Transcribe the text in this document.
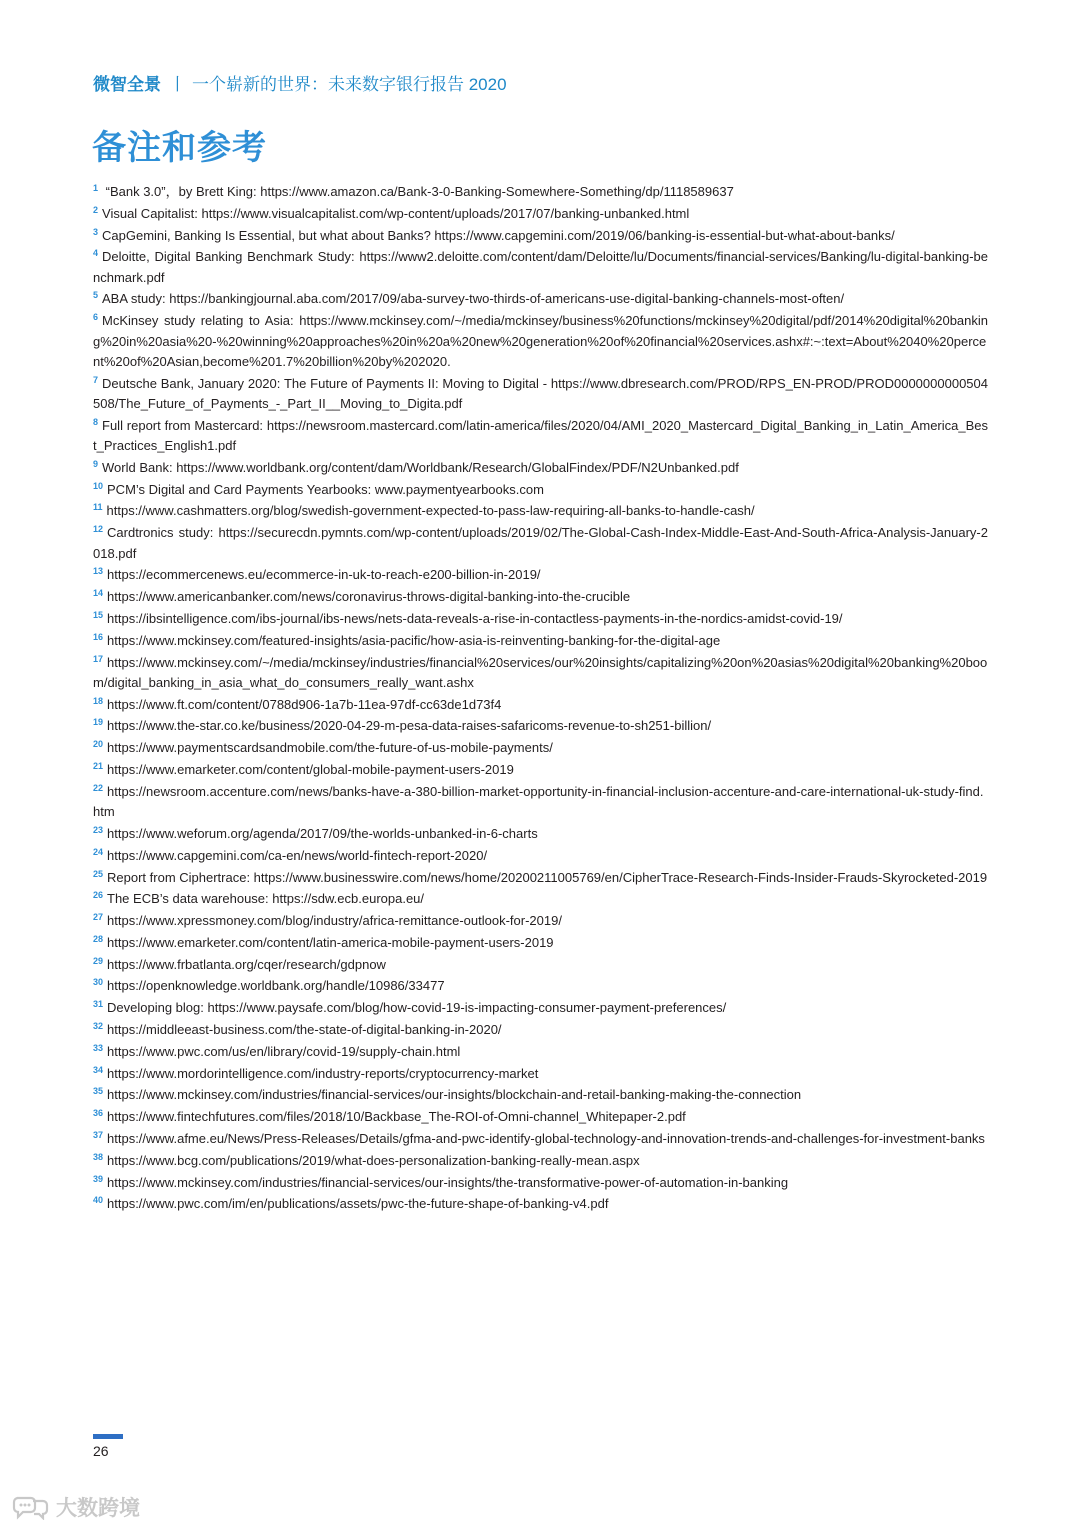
微智全景 丨 一个崭新的世界：未来数字银行报告 2020
备注和参考
$^1$ “Bank 3.0”，by Brett King: https://www.amazon.ca/Bank-3-0-Banking-Somewhere-Something/dp/1118589637
$^2$ Visual Capitalist: https://www.visualcapitalist.com/wp-content/uploads/2017/07/banking-unbanked.html
$^3$ CapGemini, Banking Is Essential, but what about Banks? https://www.capgemini.com/2019/06/banking-is-essential-but-what-about-banks/
$^4$ Deloitte, Digital Banking Benchmark Study: https://www2.deloitte.com/content/dam/Deloitte/lu/Documents/financial-services/Banking/lu-digital-banking-benchmark.pdf
$^5$ ABA study: https://bankingjournal.aba.com/2017/09/aba-survey-two-thirds-of-americans-use-digital-banking-channels-most-often/
$^6$ McKinsey study relating to Asia: https://www.mckinsey.com/~/media/mckinsey/business%20functions/mckinsey%20digital/pdf/2014%20digital%20banking%20in%20asia%20-%20winning%20approaches%20in%20a%20new%20generation%20of%20financial%20services.ashx#:~:text=About%2040%20percent%20of%20Asian,become%201.7%20billion%20by%202020.
$^7$ Deutsche Bank, January 2020: The Future of Payments II: Moving to Digital - https://www.dbresearch.com/PROD/RPS_EN-PROD/PROD0000000000504508/The_Future_of_Payments_-_Part_II__Moving_to_Digita.pdf
$^8$ Full report from Mastercard: https://newsroom.mastercard.com/latin-america/files/2020/04/AMI_2020_Mastercard_Digital_Banking_in_Latin_America_Best_Practices_English1.pdf
$^9$ World Bank: https://www.worldbank.org/content/dam/Worldbank/Research/GlobalFindex/PDF/N2Unbanked.pdf
$^{10}$ PCM’s Digital and Card Payments Yearbooks: www.paymentyearbooks.com
$^{11}$ https://www.cashmatters.org/blog/swedish-government-expected-to-pass-law-requiring-all-banks-to-handle-cash/
$^{12}$ Cardtronics study: https://securecdn.pymnts.com/wp-content/uploads/2019/02/The-Global-Cash-Index-Middle-East-And-South-Africa-Analysis-January-2018.pdf
$^{13}$ https://ecommercenews.eu/ecommerce-in-uk-to-reach-e200-billion-in-2019/
$^{14}$ https://www.americanbanker.com/news/coronavirus-throws-digital-banking-into-the-crucible
$^{15}$ https://ibsintelligence.com/ibs-journal/ibs-news/nets-data-reveals-a-rise-in-contactless-payments-in-the-nordics-amidst-covid-19/
$^{16}$ https://www.mckinsey.com/featured-insights/asia-pacific/how-asia-is-reinventing-banking-for-the-digital-age
$^{17}$ https://www.mckinsey.com/~/media/mckinsey/industries/financial%20services/our%20insights/capitalizing%20on%20asias%20digital%20banking%20boom/digital_banking_in_asia_what_do_consumers_really_want.ashx
$^{18}$ https://www.ft.com/content/0788d906-1a7b-11ea-97df-cc63de1d73f4
$^{19}$ https://www.the-star.co.ke/business/2020-04-29-m-pesa-data-raises-safaricoms-revenue-to-sh251-billion/
$^{20}$ https://www.paymentscardsandmobile.com/the-future-of-us-mobile-payments/
$^{21}$ https://www.emarketer.com/content/global-mobile-payment-users-2019
$^{22}$ https://newsroom.accenture.com/news/banks-have-a-380-billion-market-opportunity-in-financial-inclusion-accenture-and-care-international-uk-study-find.htm
$^{23}$ https://www.weforum.org/agenda/2017/09/the-worlds-unbanked-in-6-charts
$^{24}$ https://www.capgemini.com/ca-en/news/world-fintech-report-2020/
$^{25}$ Report from Ciphertrace: https://www.businesswire.com/news/home/20200211005769/en/CipherTrace-Research-Finds-Insider-Frauds-Skyrocketed-2019
$^{26}$ The ECB’s data warehouse: https://sdw.ecb.europa.eu/
$^{27}$ https://www.xpressmoney.com/blog/industry/africa-remittance-outlook-for-2019/
$^{28}$ https://www.emarketer.com/content/latin-america-mobile-payment-users-2019
$^{29}$ https://www.frbatlanta.org/cqer/research/gdpnow
$^{30}$ https://openknowledge.worldbank.org/handle/10986/33477
$^{31}$ Developing blog: https://www.paysafe.com/blog/how-covid-19-is-impacting-consumer-payment-preferences/
$^{32}$ https://middleeast-business.com/the-state-of-digital-banking-in-2020/
$^{33}$ https://www.pwc.com/us/en/library/covid-19/supply-chain.html
$^{34}$ https://www.mordorintelligence.com/industry-reports/cryptocurrency-market
$^{35}$ https://www.mckinsey.com/industries/financial-services/our-insights/blockchain-and-retail-banking-making-the-connection
$^{36}$ https://www.fintechfutures.com/files/2018/10/Backbase_The-ROI-of-Omni-channel_Whitepaper-2.pdf
$^{37}$ https://www.afme.eu/News/Press-Releases/Details/gfma-and-pwc-identify-global-technology-and-innovation-trends-and-challenges-for-investment-banks
$^{38}$ https://www.bcg.com/publications/2019/what-does-personalization-banking-really-mean.aspx
$^{39}$ https://www.mckinsey.com/industries/financial-services/our-insights/the-transformative-power-of-automation-in-banking
$^{40}$ https://www.pwc.com/im/en/publications/assets/pwc-the-future-shape-of-banking-v4.pdf
26
大数跨境
